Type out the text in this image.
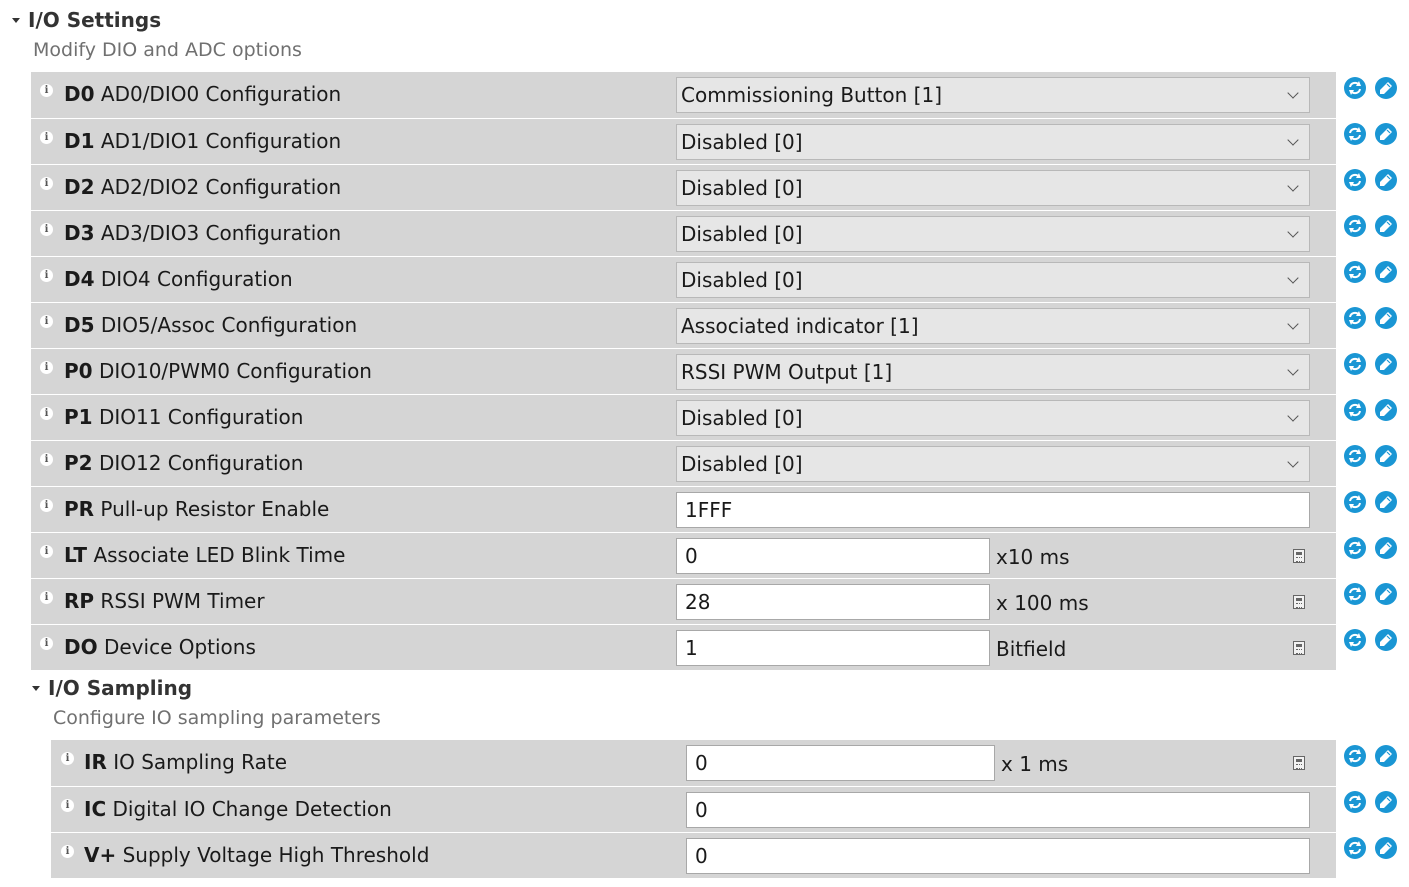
I/O Settings
Modify DIO and ADC options
i D0 AD0/DIO0 Configuration	Commissioning Button [1]
i D1 AD1/DIO1 Configuration	Disabled [0]
i D2 AD2/DIO2 Configuration	Disabled [0]
i D3 AD3/DIO3 Configuration	Disabled [0]
i D4 DIO4 Configuration	Disabled [0]
i D5 DIO5/Assoc Configuration	Associated indicator [1]
i P0 DIO10/PWM0 Configuration	RSSI PWM Output [1]
i P1 DIO11 Configuration	Disabled [0]
i P2 DIO12 Configuration	Disabled [0]
i PR Pull-up Resistor Enable	1FFF
i LT Associate LED Blink Time	0	x10 ms
i RP RSSI PWM Timer	28	x 100 ms
i DO Device Options	1	Bitfield
I/O Sampling
Configure IO sampling parameters
i IR IO Sampling Rate	0	x 1 ms
i IC Digital IO Change Detection	0
i V+ Supply Voltage High Threshold	0
